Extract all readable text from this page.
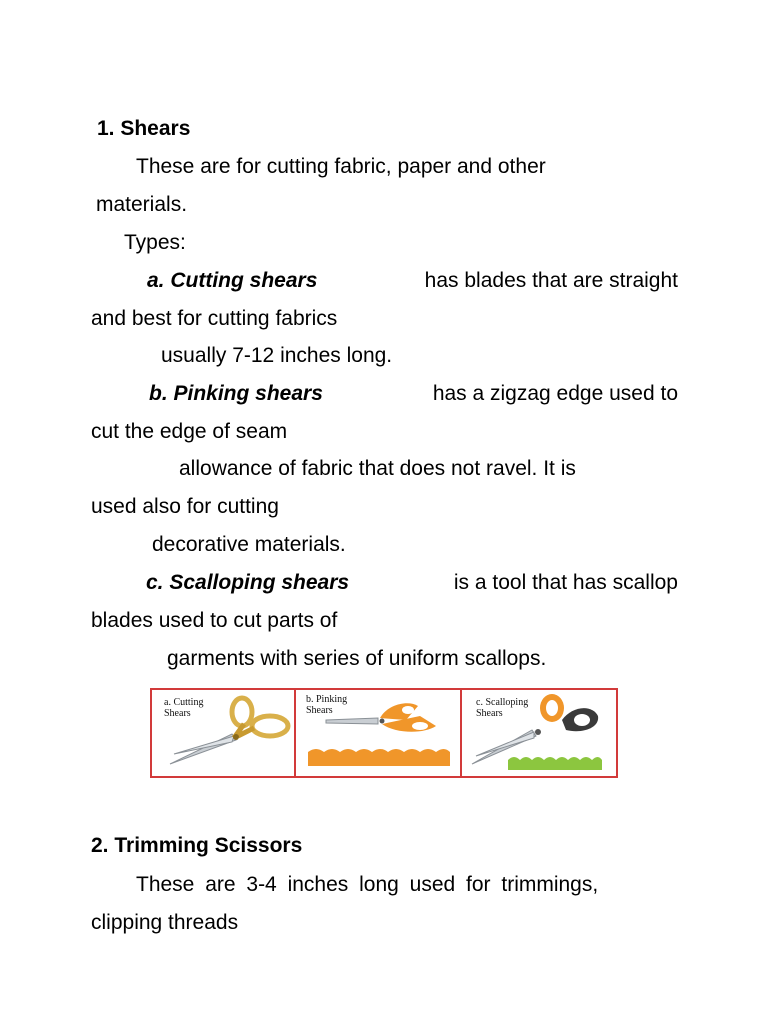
1. Shears
These are for cutting fabric, paper and other
materials.
Types:
a. Cutting shears	has blades that are straight
and best for cutting fabrics
usually 7-12 inches long.
b. Pinking shears	has a zigzag edge used to
cut the edge of seam
allowance of fabric that does not ravel. It is
used also for cutting
decorative materials.
c. Scalloping shears	is a tool that has scallop
blades used to cut parts of
garments with series of uniform scallops.
a. Cutting
Shears
b. Pinking
Shears
c. Scalloping
Shears
2. Trimming Scissors
These are 3-4 inches long used for trimmings,
clipping threads
